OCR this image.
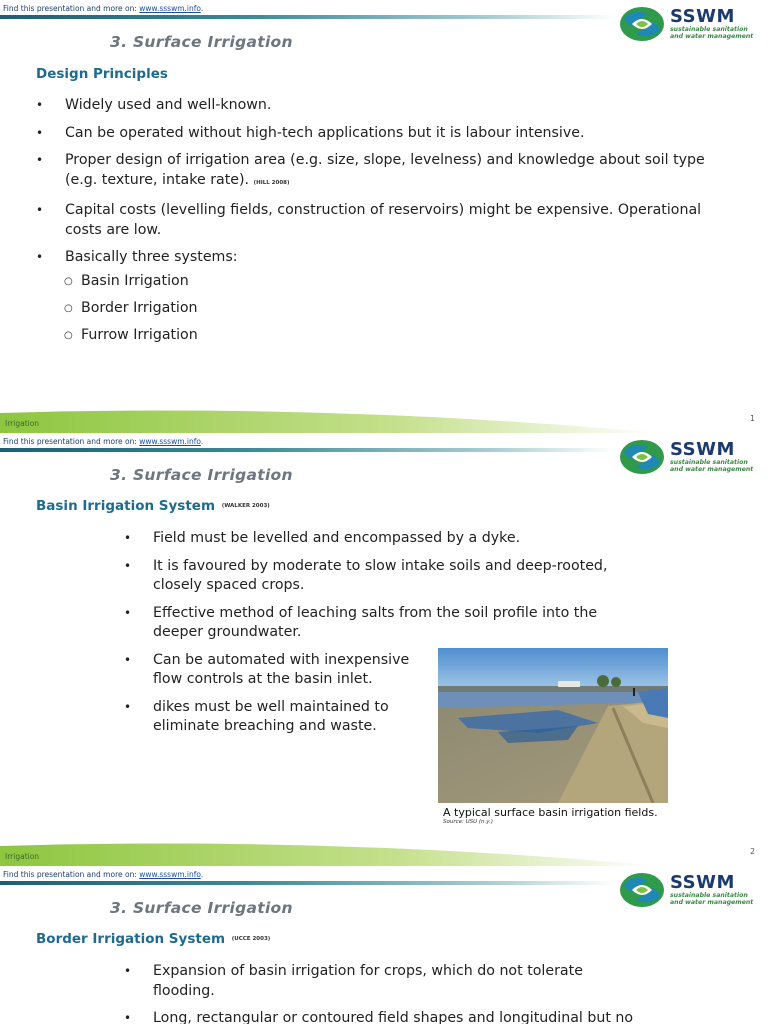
Find this presentation and more on: www.ssswm.info.	SSWM
sustainable sanitation
and water management
3. Surface Irrigation
Design Principles
• Widely used and well-known.
• Can be operated without high-tech applications but it is labour intensive.
• Proper design of irrigation area (e.g. size, slope, levelness) and knowledge about soil type
(e.g. texture, intake rate). (HILL 2008)
• Capital costs (levelling fields, construction of reservoirs) might be expensive. Operational
costs are low.
• Basically three systems:
○ Basin Irrigation
○ Border Irrigation
○ Furrow Irrigation
Irrigation
1
Find this presentation and more on: www.ssswm.info.	SSWM
sustainable sanitation
and water management
3. Surface Irrigation
Basin Irrigation System (WALKER 2003)
• Field must be levelled and encompassed by a dyke.
• It is favoured by moderate to slow intake soils and deep-rooted,
closely spaced crops.
• Effective method of leaching salts from the soil profile into the
deeper groundwater.
• Can be automated with inexpensive
flow controls at the basin inlet.
• dikes must be well maintained to
eliminate breaching and waste.
A typical surface basin irrigation fields.
Source: USU (n.y.)
Irrigation
2
Find this presentation and more on: www.ssswm.info.	SSWM
sustainable sanitation
and water management
3. Surface Irrigation
Border Irrigation System (UCCE 2003)
• Expansion of basin irrigation for crops, which do not tolerate
flooding.
• Long, rectangular or contoured field shapes and longitudinal but no
